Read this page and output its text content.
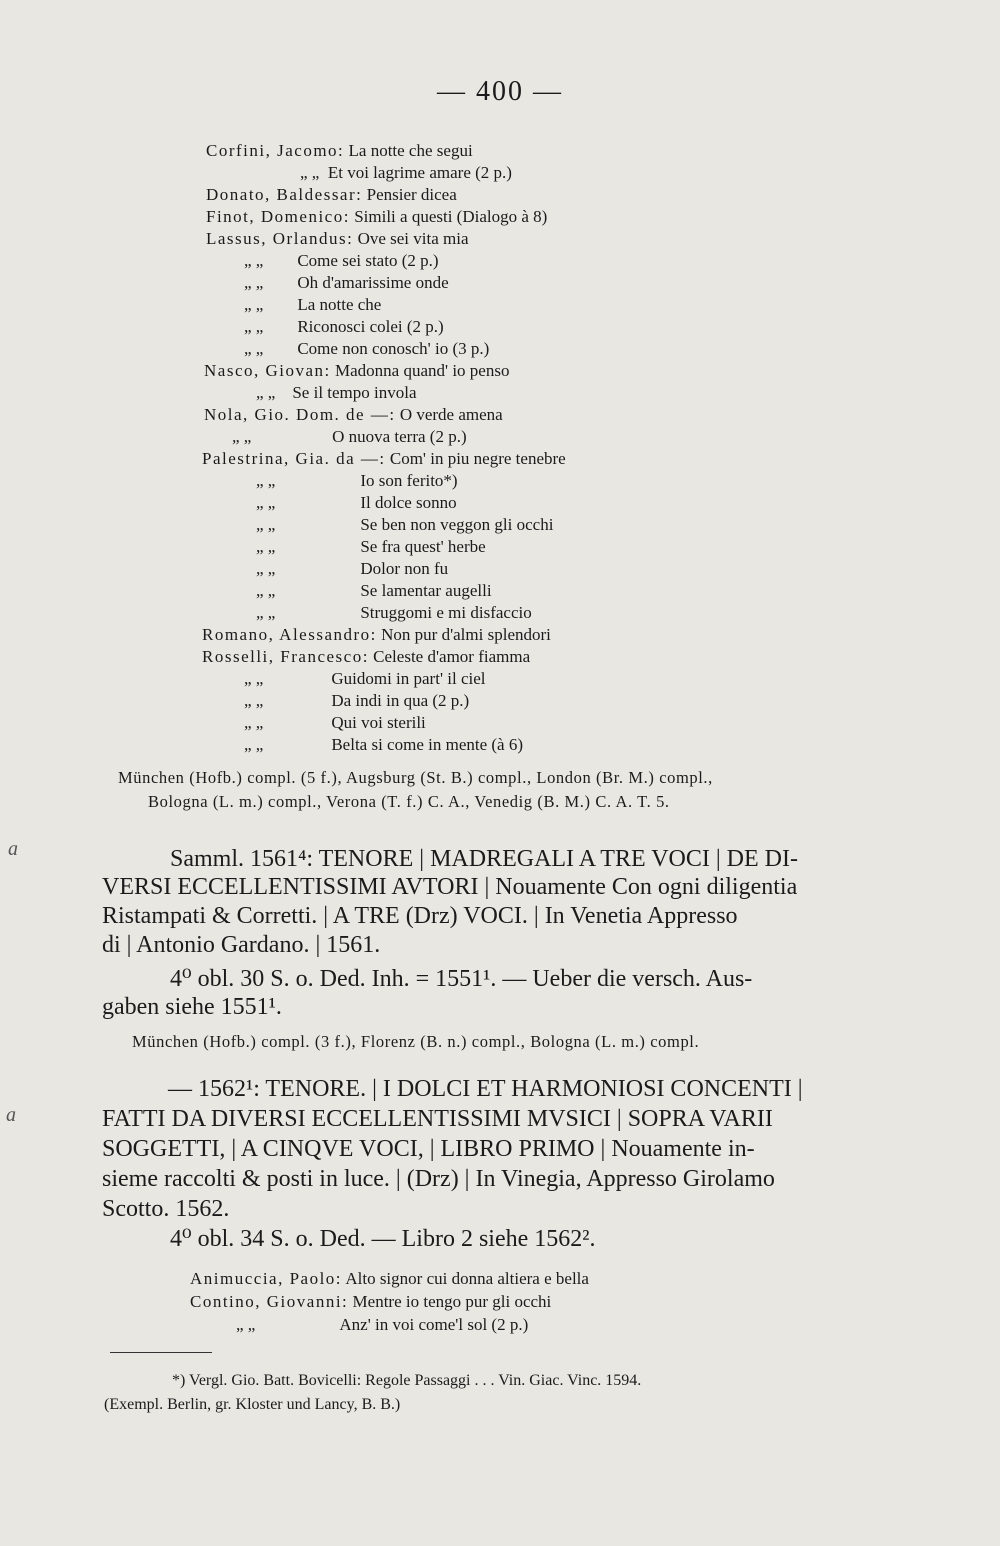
— 400 —
Corfini, Jacomo: La notte che segui
„ „ Et voi lagrime amare (2 p.)
Donato, Baldessar: Pensier dicea
Finot, Domenico: Simili a questi (Dialogo à 8)
Lassus, Orlandus: Ove sei vita mia
„ „ Come sei stato (2 p.)
„ „ Oh d'amarissime onde
„ „ La notte che
„ „ Riconosci colei (2 p.)
„ „ Come non conosch' io (3 p.)
Nasco, Giovan: Madonna quand' io penso
„ „ Se il tempo invola
Nola, Gio. Dom. de —: O verde amena
„ „	O nuova terra (2 p.)
Palestrina, Gia. da —: Com' in piu negre tenebre
„ „	Io son ferito*)
„ „	Il dolce sonno
„ „	Se ben non veggon gli occhi
„ „	Se fra quest' herbe
„ „	Dolor non fu
„ „	Se lamentar augelli
„ „	Struggomi e mi disfaccio
Romano, Alessandro: Non pur d'almi splendori
Rosselli, Francesco: Celeste d'amor fiamma
„ „	Guidomi in part' il ciel
„ „	Da indi in qua (2 p.)
„ „	Qui voi sterili
„ „	Belta si come in mente (à 6)
München (Hofb.) compl. (5 f.), Augsburg (St. B.) compl., London (Br. M.) compl.,
Bologna (L. m.) compl., Verona (T. f.) C. A., Venedig (B. M.) C. A. T. 5.
a
a
Samml. 1561⁴: TENORE | MADREGALI A TRE VOCI | DE DI-
VERSI ECCELLENTISSIMI AVTORI | Nouamente Con ogni diligentia
Ristampati & Corretti. | A TRE (Drz) VOCI. | In Venetia Appresso
di | Antonio Gardano. | 1561.
4⁰ obl. 30 S. o. Ded. Inh. = 1551¹. — Ueber die versch. Aus-
gaben siehe 1551¹.
München (Hofb.) compl. (3 f.), Florenz (B. n.) compl., Bologna (L. m.) compl.
— 1562¹: TENORE. | I DOLCI ET HARMONIOSI CONCENTI |
FATTI DA DIVERSI ECCELLENTISSIMI MVSICI | SOPRA VARII
SOGGETTI, | A CINQVE VOCI, | LIBRO PRIMO | Nouamente in-
sieme raccolti & posti in luce. | (Drz) | In Vinegia, Appresso Girolamo
Scotto. 1562.
4⁰ obl. 34 S. o. Ded. — Libro 2 siehe 1562².
Animuccia, Paolo: Alto signor cui donna altiera e bella
Contino, Giovanni: Mentre io tengo pur gli occhi
„ „	Anz' in voi come'l sol (2 p.)
*) Vergl. Gio. Batt. Bovicelli: Regole Passaggi . . . Vin. Giac. Vinc. 1594.
(Exempl. Berlin, gr. Kloster und Lancy, B. B.)
